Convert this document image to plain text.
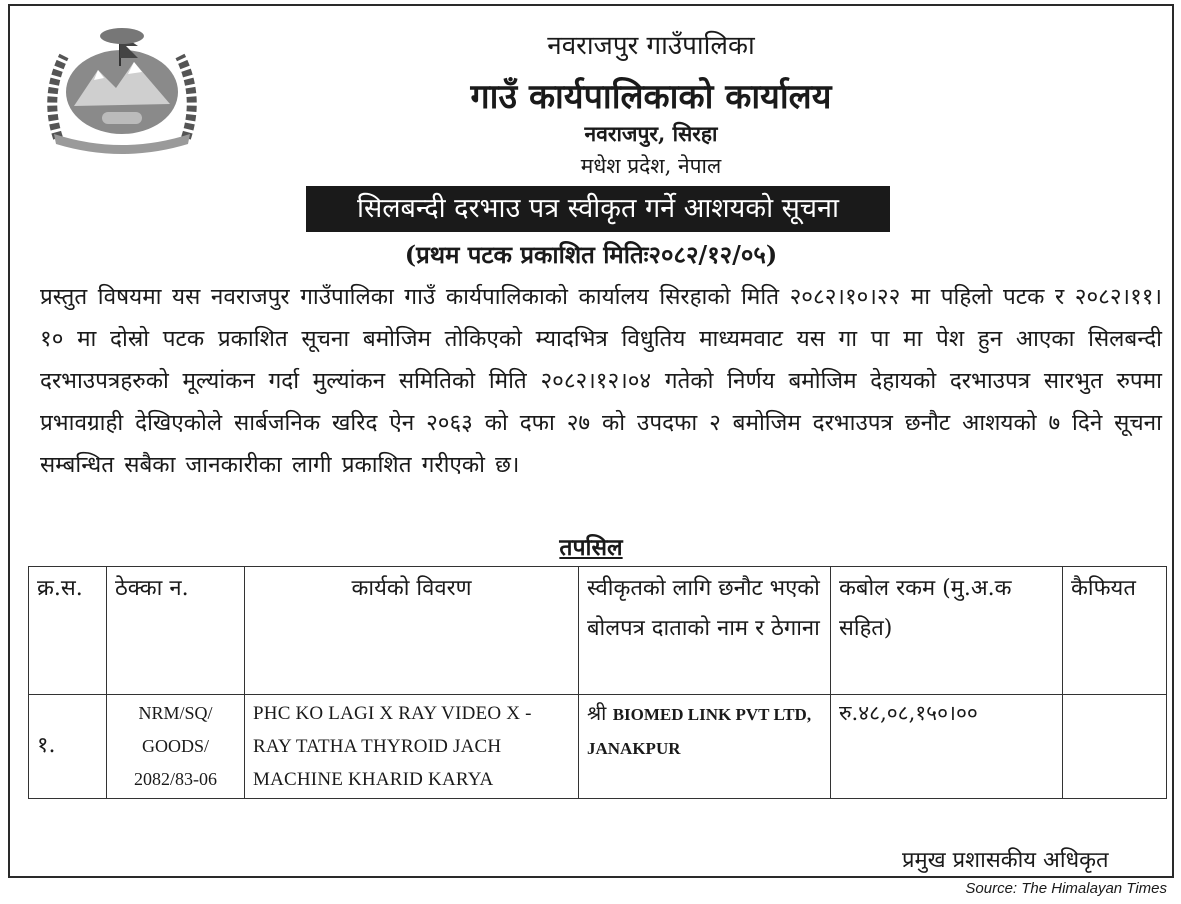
नवराजपुर गाउँपालिका
गाउँ कार्यपालिकाको कार्यालय
नवराजपुर, सिरहा
मधेश प्रदेश, नेपाल
सिलबन्दी दरभाउ पत्र स्वीकृत गर्ने आशयको सूचना
(प्रथम पटक प्रकाशित मितिः२०८२/१२/०५)

प्रस्तुत विषयमा यस नवराजपुर गाउँपालिका गाउँ कार्यपालिकाको कार्यालय सिरहाको मिति २०८२।१०।२२ मा पहिलो पटक र २०८२।११।१० मा दोस्रो पटक प्रकाशित सूचना बमोजिम तोकिएको म्यादभित्र विधुतिय माध्यमवाट यस गा पा मा पेश हुन आएका सिलबन्दी दरभाउपत्रहरुको मूल्यांकन गर्दा मुल्यांकन समितिको मिति २०८२।१२।०४ गतेको निर्णय बमोजिम देहायको दरभाउपत्र सारभुत रुपमा प्रभावग्राही देखिएकोले सार्बजनिक खरिद ऐन २०६३ को दफा २७ को उपदफा २ बमोजिम दरभाउपत्र छनौट आशयको ७ दिने सूचना सम्बन्धित सबैका जानकारीका लागी प्रकाशित गरीएको छ।

तपसिल
क्र.स.	ठेक्का न.	कार्यको विवरण	स्वीकृतको लागि छनौट भएको बोलपत्र दाताको नाम र ठेगाना	कबोल रकम (मु.अ.क सहित)	कैफियत
१.	NRM/SQ/ GOODS/ 2082/83-06	PHC KO LAGI X RAY VIDEO X -RAY TATHA THYROID JACH MACHINE KHARID KARYA	श्री BIOMED LINK PVT LTD, JANAKPUR	रु.४८,०८,१५०।००	
प्रमुख प्रशासकीय अधिकृत
Source: The Himalayan Times
